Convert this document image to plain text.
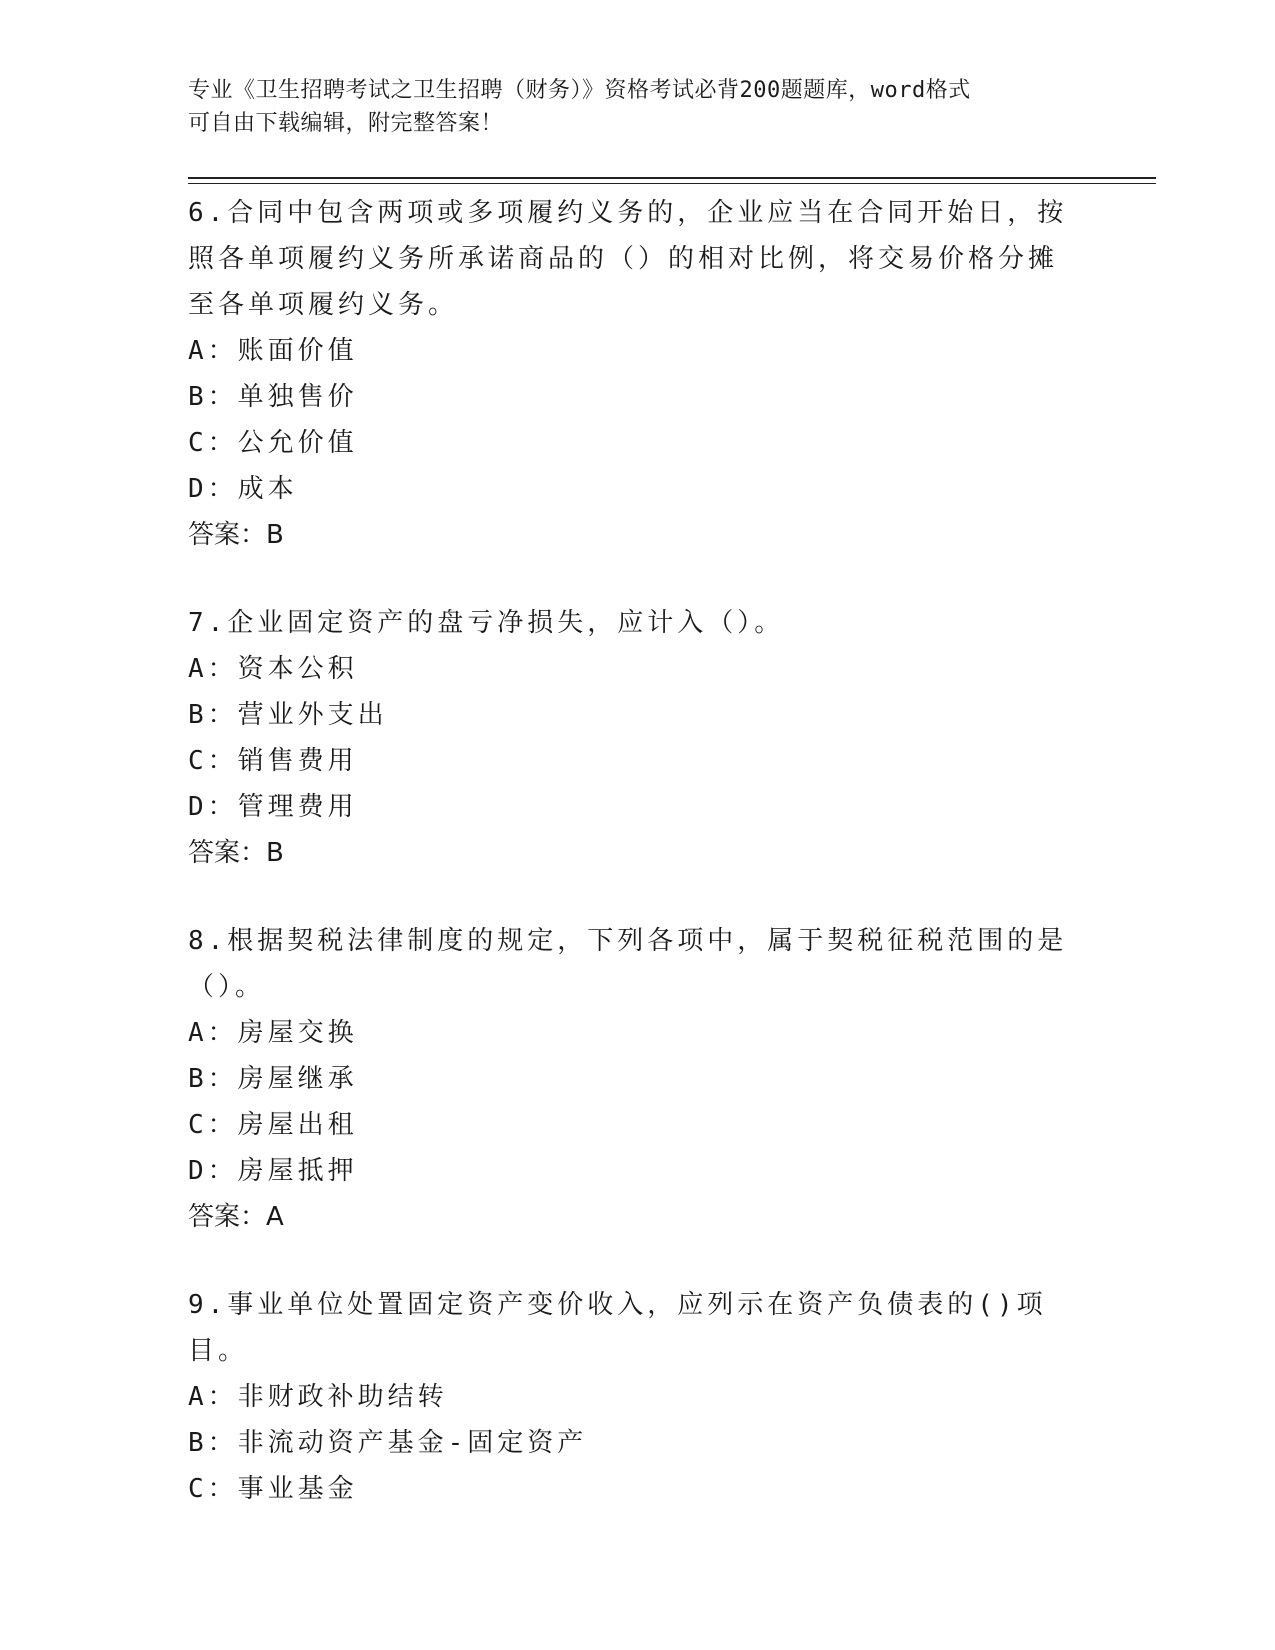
专业《卫生招聘考试之卫生招聘（财务）》资格考试必背200题题库，word格式
可自由下载编辑，附完整答案！
6.合同中包含两项或多项履约义务的，企业应当在合同开始日，按照各单项履约义务所承诺商品的（）的相对比例，将交易价格分摊至各单项履约义务。
A：账面价值
B：单独售价
C：公允价值
D：成本
答案：B
7.企业固定资产的盘亏净损失，应计入（）。
A：资本公积
B：营业外支出
C：销售费用
D：管理费用
答案：B
8.根据契税法律制度的规定，下列各项中，属于契税征税范围的是（）。
A：房屋交换
B：房屋继承
C：房屋出租
D：房屋抵押
答案：A
9.事业单位处置固定资产变价收入，应列示在资产负债表的()项目。
A：非财政补助结转
B：非流动资产基金-固定资产
C：事业基金
